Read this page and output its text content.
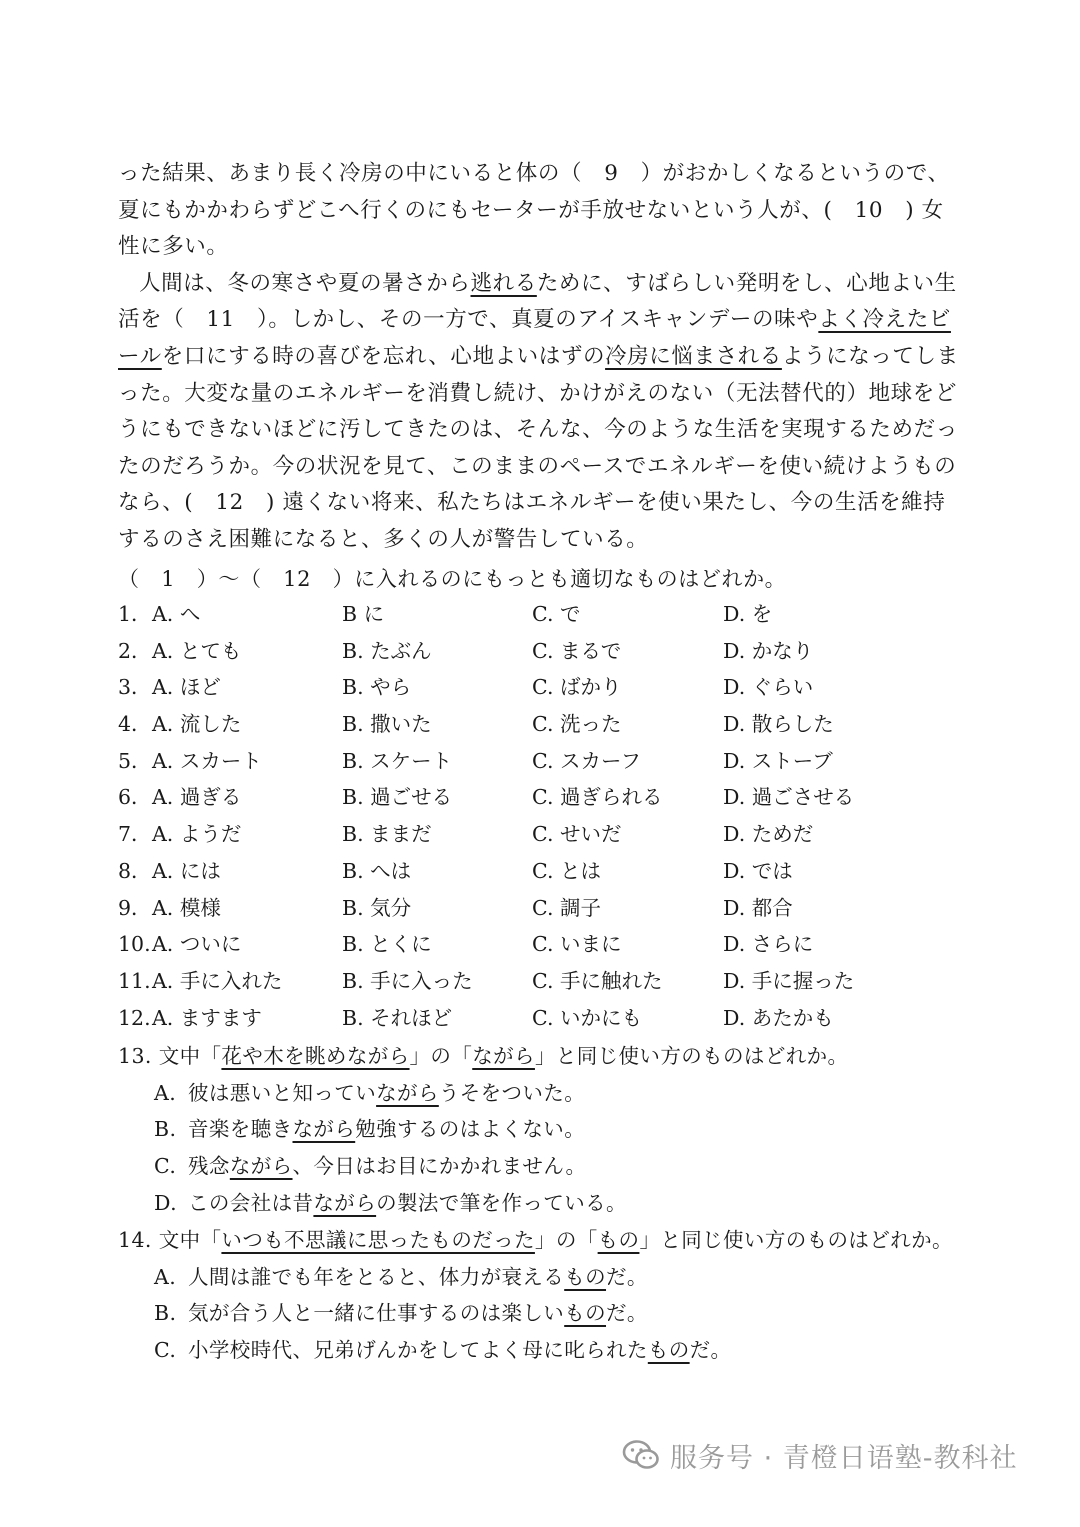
った結果、あまり長く冷房の中にいると体の（　9　）がおかしくなるというので、夏にもかかわらずどこへ行くのにもセーターが手放せないという人が、(　10　) 女性に多い。

人間は、冬の寒さや夏の暑さから逃れるために、すばらしい発明をし、心地よい生活を（　11　）。しかし、その一方で、真夏のアイスキャンデーの味やよく冷えたビールを口にする時の喜びを忘れ、心地よいはずの冷房に悩まされるようになってしまった。大変な量のエネルギーを消費し続け、かけがえのない（无法替代的）地球をどうにもできないほどに汚してきたのは、そんな、今のような生活を実現するためだったのだろうか。今の状況を見て、このままのペースでエネルギーを使い続けようものなら、(　12　) 遠くない将来、私たちはエネルギーを使い果たし、今の生活を維持するのさえ困難になると、多くの人が警告している。

（　1　）～（　12　）に入れるのにもっとも適切なものはどれか。

1． A. へ	B に	C. で	D. を
2． A. とても	B. たぶん	C. まるで	D. かなり
3． A. ほど	B. やら	C. ばかり	D. ぐらい
4． A. 流した	B. 撒いた	C. 洗った	D. 散らした
5． A. スカート	B. スケート	C. スカーフ	D. ストーブ
6． A. 過ぎる	B. 過ごせる	C. 過ぎられる	D. 過ごさせる
7． A. ようだ	B. ままだ	C. せいだ	D. ためだ
8． A. には	B. へは	C. とは	D. では
9． A. 模様	B. 気分	C. 調子	D. 都合
10. A. ついに	B. とくに	C. いまに	D. さらに
11. A. 手に入れた	B. 手に入った	C. 手に触れた	D. 手に握った
12. A. ますます	B. それほど	C. いかにも	D. あたかも

13. 文中「花や木を眺めながら」の「ながら」と同じ使い方のものはどれか。

A. 彼は悪いと知っていながらうそをついた。

B. 音楽を聴きながら勉強するのはよくない。

C. 残念ながら、今日はお目にかかれません。

D. この会社は昔ながらの製法で筆を作っている。

14. 文中「いつも不思議に思ったものだった」の「もの」と同じ使い方のものはどれか。

A. 人間は誰でも年をとると、体力が衰えるものだ。

B. 気が合う人と一緒に仕事するのは楽しいものだ。

C. 小学校時代、兄弟げんかをしてよく母に叱られたものだ。

服务号 · 青橙日语塾-教科社
